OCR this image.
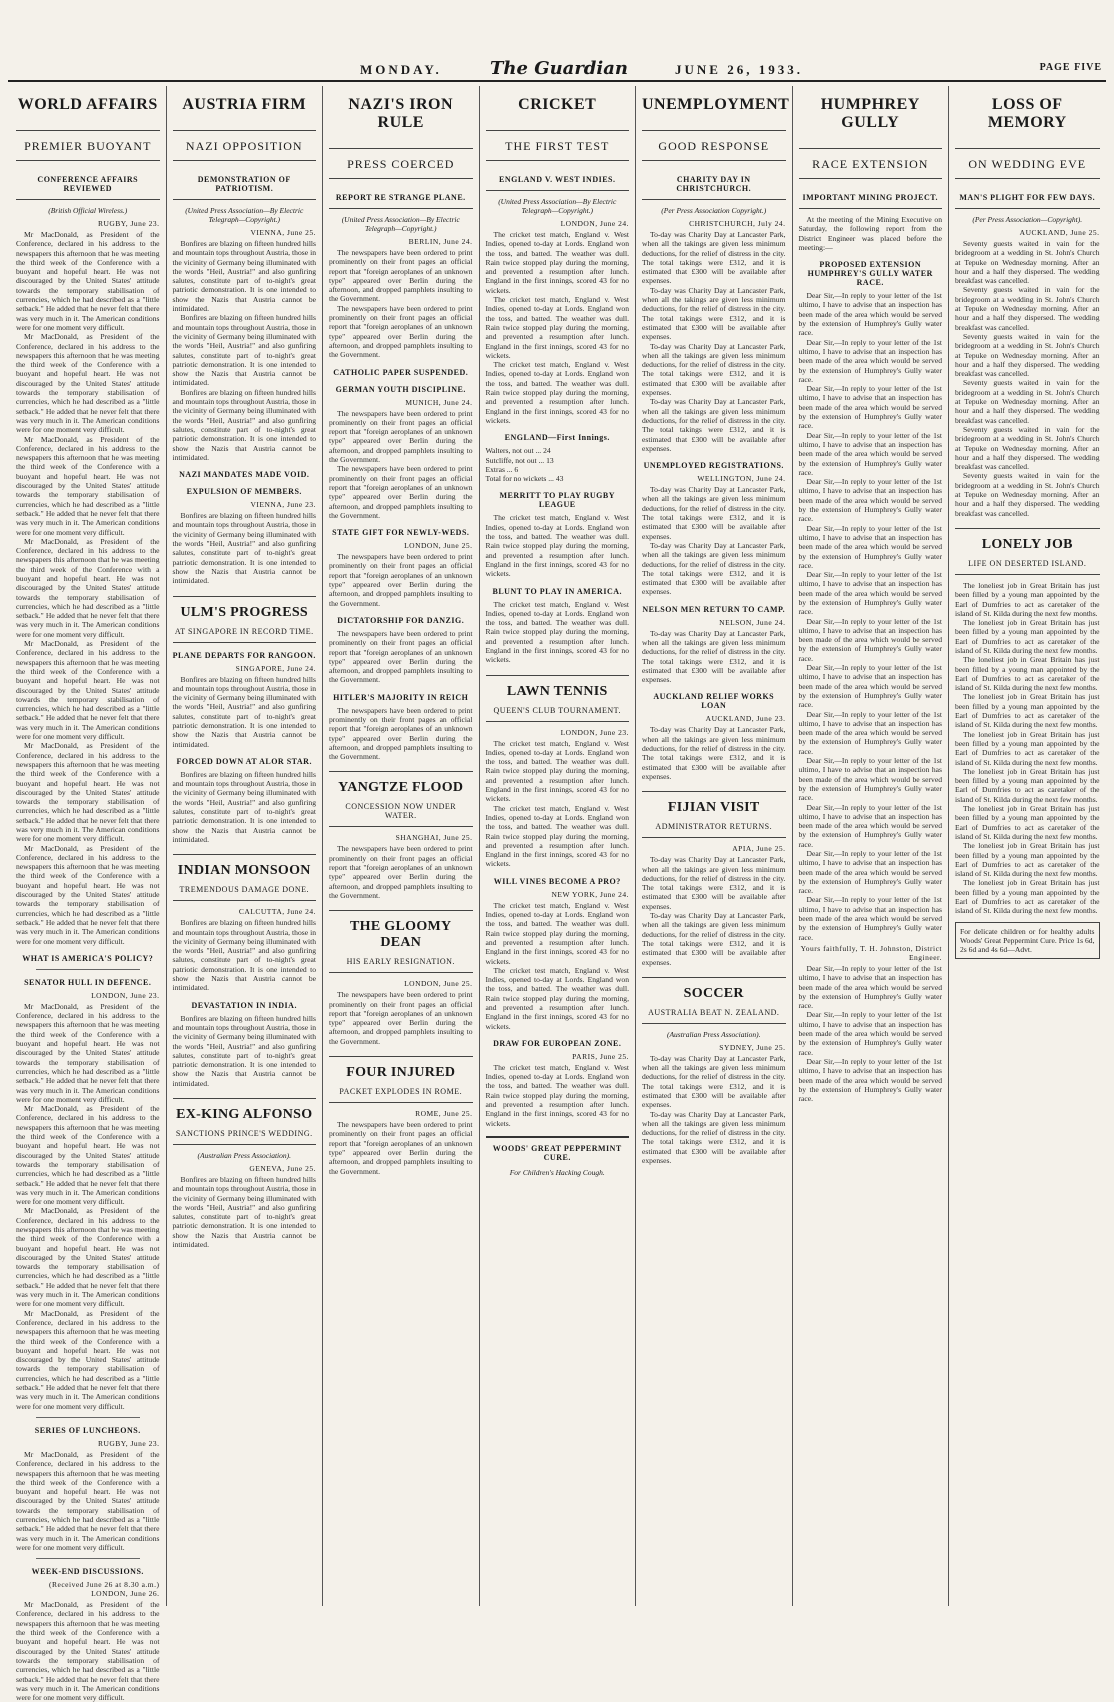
MONDAY.	The Guardian	JUNE 26, 1933.	PAGE FIVE
WORLD AFFAIRS
PREMIER BUOYANT
CONFERENCE AFFAIRS REVIEWED
(British Official Wireless.)
RUGBY, June 23.

Mr MacDonald, as President of the Conference, declared in his address to the newspapers this afternoon that he was meeting the third week of the Conference with a buoyant and hopeful heart. He was not discouraged by the United States' attitude towards the temporary stabilisation of currencies, which he had described as a "little setback." He added that he never felt that there was very much in it. The American conditions were for one moment very difficult.

Mr MacDonald, as President of the Conference, declared in his address to the newspapers this afternoon that he was meeting the third week of the Conference with a buoyant and hopeful heart. He was not discouraged by the United States' attitude towards the temporary stabilisation of currencies, which he had described as a "little setback." He added that he never felt that there was very much in it. The American conditions were for one moment very difficult.

Mr MacDonald, as President of the Conference, declared in his address to the newspapers this afternoon that he was meeting the third week of the Conference with a buoyant and hopeful heart. He was not discouraged by the United States' attitude towards the temporary stabilisation of currencies, which he had described as a "little setback." He added that he never felt that there was very much in it. The American conditions were for one moment very difficult.

Mr MacDonald, as President of the Conference, declared in his address to the newspapers this afternoon that he was meeting the third week of the Conference with a buoyant and hopeful heart. He was not discouraged by the United States' attitude towards the temporary stabilisation of currencies, which he had described as a "little setback." He added that he never felt that there was very much in it. The American conditions were for one moment very difficult.

Mr MacDonald, as President of the Conference, declared in his address to the newspapers this afternoon that he was meeting the third week of the Conference with a buoyant and hopeful heart. He was not discouraged by the United States' attitude towards the temporary stabilisation of currencies, which he had described as a "little setback." He added that he never felt that there was very much in it. The American conditions were for one moment very difficult.

Mr MacDonald, as President of the Conference, declared in his address to the newspapers this afternoon that he was meeting the third week of the Conference with a buoyant and hopeful heart. He was not discouraged by the United States' attitude towards the temporary stabilisation of currencies, which he had described as a "little setback." He added that he never felt that there was very much in it. The American conditions were for one moment very difficult.

Mr MacDonald, as President of the Conference, declared in his address to the newspapers this afternoon that he was meeting the third week of the Conference with a buoyant and hopeful heart. He was not discouraged by the United States' attitude towards the temporary stabilisation of currencies, which he had described as a "little setback." He added that he never felt that there was very much in it. The American conditions were for one moment very difficult.

WHAT IS AMERICA'S POLICY?
SENATOR HULL IN DEFENCE.
LONDON, June 23.

Mr MacDonald, as President of the Conference, declared in his address to the newspapers this afternoon that he was meeting the third week of the Conference with a buoyant and hopeful heart. He was not discouraged by the United States' attitude towards the temporary stabilisation of currencies, which he had described as a "little setback." He added that he never felt that there was very much in it. The American conditions were for one moment very difficult.

Mr MacDonald, as President of the Conference, declared in his address to the newspapers this afternoon that he was meeting the third week of the Conference with a buoyant and hopeful heart. He was not discouraged by the United States' attitude towards the temporary stabilisation of currencies, which he had described as a "little setback." He added that he never felt that there was very much in it. The American conditions were for one moment very difficult.

Mr MacDonald, as President of the Conference, declared in his address to the newspapers this afternoon that he was meeting the third week of the Conference with a buoyant and hopeful heart. He was not discouraged by the United States' attitude towards the temporary stabilisation of currencies, which he had described as a "little setback." He added that he never felt that there was very much in it. The American conditions were for one moment very difficult.

Mr MacDonald, as President of the Conference, declared in his address to the newspapers this afternoon that he was meeting the third week of the Conference with a buoyant and hopeful heart. He was not discouraged by the United States' attitude towards the temporary stabilisation of currencies, which he had described as a "little setback." He added that he never felt that there was very much in it. The American conditions were for one moment very difficult.

SERIES OF LUNCHEONS.
RUGBY, June 23.

Mr MacDonald, as President of the Conference, declared in his address to the newspapers this afternoon that he was meeting the third week of the Conference with a buoyant and hopeful heart. He was not discouraged by the United States' attitude towards the temporary stabilisation of currencies, which he had described as a "little setback." He added that he never felt that there was very much in it. The American conditions were for one moment very difficult.

WEEK-END DISCUSSIONS.
(Received June 26 at 8.30 a.m.) LONDON, June 26.

Mr MacDonald, as President of the Conference, declared in his address to the newspapers this afternoon that he was meeting the third week of the Conference with a buoyant and hopeful heart. He was not discouraged by the United States' attitude towards the temporary stabilisation of currencies, which he had described as a "little setback." He added that he never felt that there was very much in it. The American conditions were for one moment very difficult.

AUSTRIA FIRM
NAZI OPPOSITION
DEMONSTRATION OF PATRIOTISM.
(United Press Association—By Electric Telegraph—Copyright.)
VIENNA, June 25.

Bonfires are blazing on fifteen hundred hills and mountain tops throughout Austria, those in the vicinity of Germany being illuminated with the words "Heil, Austria!" and also gunfiring salutes, constitute part of to-night's great patriotic demonstration. It is one intended to show the Nazis that Austria cannot be intimidated.

Bonfires are blazing on fifteen hundred hills and mountain tops throughout Austria, those in the vicinity of Germany being illuminated with the words "Heil, Austria!" and also gunfiring salutes, constitute part of to-night's great patriotic demonstration. It is one intended to show the Nazis that Austria cannot be intimidated.

Bonfires are blazing on fifteen hundred hills and mountain tops throughout Austria, those in the vicinity of Germany being illuminated with the words "Heil, Austria!" and also gunfiring salutes, constitute part of to-night's great patriotic demonstration. It is one intended to show the Nazis that Austria cannot be intimidated.

NAZI MANDATES MADE VOID.
EXPULSION OF MEMBERS.
VIENNA, June 23.

Bonfires are blazing on fifteen hundred hills and mountain tops throughout Austria, those in the vicinity of Germany being illuminated with the words "Heil, Austria!" and also gunfiring salutes, constitute part of to-night's great patriotic demonstration. It is one intended to show the Nazis that Austria cannot be intimidated.

ULM'S PROGRESS
AT SINGAPORE IN RECORD TIME.
PLANE DEPARTS FOR RANGOON.
SINGAPORE, June 24.

Bonfires are blazing on fifteen hundred hills and mountain tops throughout Austria, those in the vicinity of Germany being illuminated with the words "Heil, Austria!" and also gunfiring salutes, constitute part of to-night's great patriotic demonstration. It is one intended to show the Nazis that Austria cannot be intimidated.

FORCED DOWN AT ALOR STAR.

Bonfires are blazing on fifteen hundred hills and mountain tops throughout Austria, those in the vicinity of Germany being illuminated with the words "Heil, Austria!" and also gunfiring salutes, constitute part of to-night's great patriotic demonstration. It is one intended to show the Nazis that Austria cannot be intimidated.

INDIAN MONSOON
TREMENDOUS DAMAGE DONE.
CALCUTTA, June 24.

Bonfires are blazing on fifteen hundred hills and mountain tops throughout Austria, those in the vicinity of Germany being illuminated with the words "Heil, Austria!" and also gunfiring salutes, constitute part of to-night's great patriotic demonstration. It is one intended to show the Nazis that Austria cannot be intimidated.

DEVASTATION IN INDIA.

Bonfires are blazing on fifteen hundred hills and mountain tops throughout Austria, those in the vicinity of Germany being illuminated with the words "Heil, Austria!" and also gunfiring salutes, constitute part of to-night's great patriotic demonstration. It is one intended to show the Nazis that Austria cannot be intimidated.

EX-KING ALFONSO
SANCTIONS PRINCE'S WEDDING.
(Australian Press Association).
GENEVA, June 25.

Bonfires are blazing on fifteen hundred hills and mountain tops throughout Austria, those in the vicinity of Germany being illuminated with the words "Heil, Austria!" and also gunfiring salutes, constitute part of to-night's great patriotic demonstration. It is one intended to show the Nazis that Austria cannot be intimidated.

NAZI'S IRON RULE
PRESS COERCED
REPORT RE STRANGE PLANE.
(United Press Association—By Electric Telegraph—Copyright.)
BERLIN, June 24.

The newspapers have been ordered to print prominently on their front pages an official report that "foreign aeroplanes of an unknown type" appeared over Berlin during the afternoon, and dropped pamphlets insulting to the Government.

The newspapers have been ordered to print prominently on their front pages an official report that "foreign aeroplanes of an unknown type" appeared over Berlin during the afternoon, and dropped pamphlets insulting to the Government.

CATHOLIC PAPER SUSPENDED.
GERMAN YOUTH DISCIPLINE.
MUNICH, June 24.

The newspapers have been ordered to print prominently on their front pages an official report that "foreign aeroplanes of an unknown type" appeared over Berlin during the afternoon, and dropped pamphlets insulting to the Government.

The newspapers have been ordered to print prominently on their front pages an official report that "foreign aeroplanes of an unknown type" appeared over Berlin during the afternoon, and dropped pamphlets insulting to the Government.

STATE GIFT FOR NEWLY-WEDS.
LONDON, June 25.

The newspapers have been ordered to print prominently on their front pages an official report that "foreign aeroplanes of an unknown type" appeared over Berlin during the afternoon, and dropped pamphlets insulting to the Government.

DICTATORSHIP FOR DANZIG.

The newspapers have been ordered to print prominently on their front pages an official report that "foreign aeroplanes of an unknown type" appeared over Berlin during the afternoon, and dropped pamphlets insulting to the Government.

HITLER'S MAJORITY IN REICH

The newspapers have been ordered to print prominently on their front pages an official report that "foreign aeroplanes of an unknown type" appeared over Berlin during the afternoon, and dropped pamphlets insulting to the Government.

YANGTZE FLOOD
CONCESSION NOW UNDER WATER.
SHANGHAI, June 25.

The newspapers have been ordered to print prominently on their front pages an official report that "foreign aeroplanes of an unknown type" appeared over Berlin during the afternoon, and dropped pamphlets insulting to the Government.

THE GLOOMY DEAN
HIS EARLY RESIGNATION.
LONDON, June 25.

The newspapers have been ordered to print prominently on their front pages an official report that "foreign aeroplanes of an unknown type" appeared over Berlin during the afternoon, and dropped pamphlets insulting to the Government.

FOUR INJURED
PACKET EXPLODES IN ROME.
ROME, June 25.

The newspapers have been ordered to print prominently on their front pages an official report that "foreign aeroplanes of an unknown type" appeared over Berlin during the afternoon, and dropped pamphlets insulting to the Government.

CRICKET
THE FIRST TEST
ENGLAND V. WEST INDIES.
(United Press Association—By Electric Telegraph—Copyright.)
LONDON, June 24.

The cricket test match, England v. West Indies, opened to-day at Lords. England won the toss, and batted. The weather was dull. Rain twice stopped play during the morning, and prevented a resumption after lunch. England in the first innings, scored 43 for no wickets.

The cricket test match, England v. West Indies, opened to-day at Lords. England won the toss, and batted. The weather was dull. Rain twice stopped play during the morning, and prevented a resumption after lunch. England in the first innings, scored 43 for no wickets.

The cricket test match, England v. West Indies, opened to-day at Lords. England won the toss, and batted. The weather was dull. Rain twice stopped play during the morning, and prevented a resumption after lunch. England in the first innings, scored 43 for no wickets.

ENGLAND—First Innings.

Walters, not out ... 24

Sutcliffe, not out ... 13

Extras ... 6

Total for no wickets ... 43

MERRITT TO PLAY RUGBY LEAGUE

The cricket test match, England v. West Indies, opened to-day at Lords. England won the toss, and batted. The weather was dull. Rain twice stopped play during the morning, and prevented a resumption after lunch. England in the first innings, scored 43 for no wickets.

BLUNT TO PLAY IN AMERICA.

The cricket test match, England v. West Indies, opened to-day at Lords. England won the toss, and batted. The weather was dull. Rain twice stopped play during the morning, and prevented a resumption after lunch. England in the first innings, scored 43 for no wickets.

LAWN TENNIS
QUEEN'S CLUB TOURNAMENT.
LONDON, June 23.

The cricket test match, England v. West Indies, opened to-day at Lords. England won the toss, and batted. The weather was dull. Rain twice stopped play during the morning, and prevented a resumption after lunch. England in the first innings, scored 43 for no wickets.

The cricket test match, England v. West Indies, opened to-day at Lords. England won the toss, and batted. The weather was dull. Rain twice stopped play during the morning, and prevented a resumption after lunch. England in the first innings, scored 43 for no wickets.

WILL VINES BECOME A PRO?
NEW YORK, June 24.

The cricket test match, England v. West Indies, opened to-day at Lords. England won the toss, and batted. The weather was dull. Rain twice stopped play during the morning, and prevented a resumption after lunch. England in the first innings, scored 43 for no wickets.

The cricket test match, England v. West Indies, opened to-day at Lords. England won the toss, and batted. The weather was dull. Rain twice stopped play during the morning, and prevented a resumption after lunch. England in the first innings, scored 43 for no wickets.

DRAW FOR EUROPEAN ZONE.
PARIS, June 25.

The cricket test match, England v. West Indies, opened to-day at Lords. England won the toss, and batted. The weather was dull. Rain twice stopped play during the morning, and prevented a resumption after lunch. England in the first innings, scored 43 for no wickets.

WOODS' GREAT PEPPERMINT CURE.
For Children's Hacking Cough.
UNEMPLOYMENT
GOOD RESPONSE
CHARITY DAY IN CHRISTCHURCH.
(Per Press Association Copyright.)
CHRISTCHURCH, July 24.

To-day was Charity Day at Lancaster Park, when all the takings are given less minimum deductions, for the relief of distress in the city. The total takings were £312, and it is estimated that £300 will be available after expenses.

To-day was Charity Day at Lancaster Park, when all the takings are given less minimum deductions, for the relief of distress in the city. The total takings were £312, and it is estimated that £300 will be available after expenses.

To-day was Charity Day at Lancaster Park, when all the takings are given less minimum deductions, for the relief of distress in the city. The total takings were £312, and it is estimated that £300 will be available after expenses.

To-day was Charity Day at Lancaster Park, when all the takings are given less minimum deductions, for the relief of distress in the city. The total takings were £312, and it is estimated that £300 will be available after expenses.

UNEMPLOYED REGISTRATIONS.
WELLINGTON, June 24.

To-day was Charity Day at Lancaster Park, when all the takings are given less minimum deductions, for the relief of distress in the city. The total takings were £312, and it is estimated that £300 will be available after expenses.

To-day was Charity Day at Lancaster Park, when all the takings are given less minimum deductions, for the relief of distress in the city. The total takings were £312, and it is estimated that £300 will be available after expenses.

NELSON MEN RETURN TO CAMP.
NELSON, June 24.

To-day was Charity Day at Lancaster Park, when all the takings are given less minimum deductions, for the relief of distress in the city. The total takings were £312, and it is estimated that £300 will be available after expenses.

AUCKLAND RELIEF WORKS LOAN
AUCKLAND, June 23.

To-day was Charity Day at Lancaster Park, when all the takings are given less minimum deductions, for the relief of distress in the city. The total takings were £312, and it is estimated that £300 will be available after expenses.

FIJIAN VISIT
ADMINISTRATOR RETURNS.
APIA, June 25.

To-day was Charity Day at Lancaster Park, when all the takings are given less minimum deductions, for the relief of distress in the city. The total takings were £312, and it is estimated that £300 will be available after expenses.

To-day was Charity Day at Lancaster Park, when all the takings are given less minimum deductions, for the relief of distress in the city. The total takings were £312, and it is estimated that £300 will be available after expenses.

SOCCER
AUSTRALIA BEAT N. ZEALAND.
(Australian Press Association).
SYDNEY, June 25.

To-day was Charity Day at Lancaster Park, when all the takings are given less minimum deductions, for the relief of distress in the city. The total takings were £312, and it is estimated that £300 will be available after expenses.

To-day was Charity Day at Lancaster Park, when all the takings are given less minimum deductions, for the relief of distress in the city. The total takings were £312, and it is estimated that £300 will be available after expenses.

HUMPHREY GULLY
RACE EXTENSION
IMPORTANT MINING PROJECT.

At the meeting of the Mining Executive on Saturday, the following report from the District Engineer was placed before the meeting:—

PROPOSED EXTENSION HUMPHREY'S GULLY WATER RACE.

Dear Sir,—In reply to your letter of the 1st ultimo, I have to advise that an inspection has been made of the area which would be served by the extension of Humphrey's Gully water race.

Dear Sir,—In reply to your letter of the 1st ultimo, I have to advise that an inspection has been made of the area which would be served by the extension of Humphrey's Gully water race.

Dear Sir,—In reply to your letter of the 1st ultimo, I have to advise that an inspection has been made of the area which would be served by the extension of Humphrey's Gully water race.

Dear Sir,—In reply to your letter of the 1st ultimo, I have to advise that an inspection has been made of the area which would be served by the extension of Humphrey's Gully water race.

Dear Sir,—In reply to your letter of the 1st ultimo, I have to advise that an inspection has been made of the area which would be served by the extension of Humphrey's Gully water race.

Dear Sir,—In reply to your letter of the 1st ultimo, I have to advise that an inspection has been made of the area which would be served by the extension of Humphrey's Gully water race.

Dear Sir,—In reply to your letter of the 1st ultimo, I have to advise that an inspection has been made of the area which would be served by the extension of Humphrey's Gully water race.

Dear Sir,—In reply to your letter of the 1st ultimo, I have to advise that an inspection has been made of the area which would be served by the extension of Humphrey's Gully water race.

Dear Sir,—In reply to your letter of the 1st ultimo, I have to advise that an inspection has been made of the area which would be served by the extension of Humphrey's Gully water race.

Dear Sir,—In reply to your letter of the 1st ultimo, I have to advise that an inspection has been made of the area which would be served by the extension of Humphrey's Gully water race.

Dear Sir,—In reply to your letter of the 1st ultimo, I have to advise that an inspection has been made of the area which would be served by the extension of Humphrey's Gully water race.

Dear Sir,—In reply to your letter of the 1st ultimo, I have to advise that an inspection has been made of the area which would be served by the extension of Humphrey's Gully water race.

Dear Sir,—In reply to your letter of the 1st ultimo, I have to advise that an inspection has been made of the area which would be served by the extension of Humphrey's Gully water race.

Dear Sir,—In reply to your letter of the 1st ultimo, I have to advise that an inspection has been made of the area which would be served by the extension of Humphrey's Gully water race.

Yours faithfully, T. H. Johnston, District Engineer.

Dear Sir,—In reply to your letter of the 1st ultimo, I have to advise that an inspection has been made of the area which would be served by the extension of Humphrey's Gully water race.

Dear Sir,—In reply to your letter of the 1st ultimo, I have to advise that an inspection has been made of the area which would be served by the extension of Humphrey's Gully water race.

Dear Sir,—In reply to your letter of the 1st ultimo, I have to advise that an inspection has been made of the area which would be served by the extension of Humphrey's Gully water race.

LOSS OF MEMORY
ON WEDDING EVE
MAN'S PLIGHT FOR FEW DAYS.
(Per Press Association—Copyright).
AUCKLAND, June 25.

Seventy guests waited in vain for the bridegroom at a wedding in St. John's Church at Tepuke on Wednesday morning. After an hour and a half they dispersed. The wedding breakfast was cancelled.

Seventy guests waited in vain for the bridegroom at a wedding in St. John's Church at Tepuke on Wednesday morning. After an hour and a half they dispersed. The wedding breakfast was cancelled.

Seventy guests waited in vain for the bridegroom at a wedding in St. John's Church at Tepuke on Wednesday morning. After an hour and a half they dispersed. The wedding breakfast was cancelled.

Seventy guests waited in vain for the bridegroom at a wedding in St. John's Church at Tepuke on Wednesday morning. After an hour and a half they dispersed. The wedding breakfast was cancelled.

Seventy guests waited in vain for the bridegroom at a wedding in St. John's Church at Tepuke on Wednesday morning. After an hour and a half they dispersed. The wedding breakfast was cancelled.

Seventy guests waited in vain for the bridegroom at a wedding in St. John's Church at Tepuke on Wednesday morning. After an hour and a half they dispersed. The wedding breakfast was cancelled.

LONELY JOB
LIFE ON DESERTED ISLAND.

The loneliest job in Great Britain has just been filled by a young man appointed by the Earl of Dumfries to act as caretaker of the island of St. Kilda during the next few months.

The loneliest job in Great Britain has just been filled by a young man appointed by the Earl of Dumfries to act as caretaker of the island of St. Kilda during the next few months.

The loneliest job in Great Britain has just been filled by a young man appointed by the Earl of Dumfries to act as caretaker of the island of St. Kilda during the next few months.

The loneliest job in Great Britain has just been filled by a young man appointed by the Earl of Dumfries to act as caretaker of the island of St. Kilda during the next few months.

The loneliest job in Great Britain has just been filled by a young man appointed by the Earl of Dumfries to act as caretaker of the island of St. Kilda during the next few months.

The loneliest job in Great Britain has just been filled by a young man appointed by the Earl of Dumfries to act as caretaker of the island of St. Kilda during the next few months.

The loneliest job in Great Britain has just been filled by a young man appointed by the Earl of Dumfries to act as caretaker of the island of St. Kilda during the next few months.

The loneliest job in Great Britain has just been filled by a young man appointed by the Earl of Dumfries to act as caretaker of the island of St. Kilda during the next few months.

The loneliest job in Great Britain has just been filled by a young man appointed by the Earl of Dumfries to act as caretaker of the island of St. Kilda during the next few months.

For delicate children or for healthy adults Woods' Great Peppermint Cure. Price 1s 6d, 2s 6d and 4s 6d—Advt.
